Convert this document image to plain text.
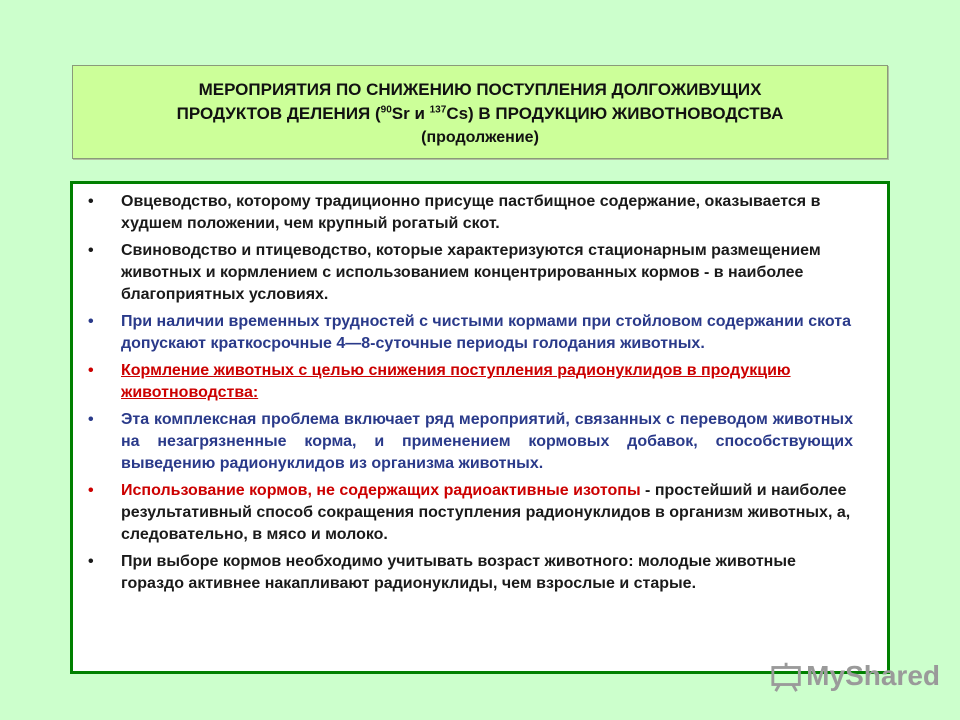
МЕРОПРИЯТИЯ ПО СНИЖЕНИЮ ПОСТУПЛЕНИЯ ДОЛГОЖИВУЩИХ
ПРОДУКТОВ ДЕЛЕНИЯ ($^{90}$Sr и $^{137}$Cs) В ПРОДУКЦИЮ ЖИВОТНОВОДСТВА
(продолжение)
• Овцеводство, которому традиционно присуще пастбищное содержание, оказывается в худшем положении, чем крупный рогатый скот.
• Свиноводство и птицеводство, которые характеризуются стационарным размещением животных и кормлением с использованием концентрированных кормов - в наиболее благоприятных условиях.
• При наличии временных трудностей с чистыми кормами при стойловом содержании скота допускают краткосрочные 4—8-суточные периоды голодания животных.
• Кормление животных с целью снижения поступления радионуклидов в продукцию животноводства:
• Эта комплексная проблема включает ряд мероприятий, связанных с переводом животных на незагрязненные корма, и применением кормовых добавок, способствующих выведению радионуклидов из организма животных.
• Использование кормов, не содержащих радиоактивные изотопы - простейший и наиболее результативный способ сокращения поступления радионуклидов в организм животных, а, следовательно, в мясо и молоко.
• При выборе кормов необходимо учитывать возраст животного: молодые животные гораздо активнее накапливают радионуклиды, чем взрослые и старые.
MyShared
